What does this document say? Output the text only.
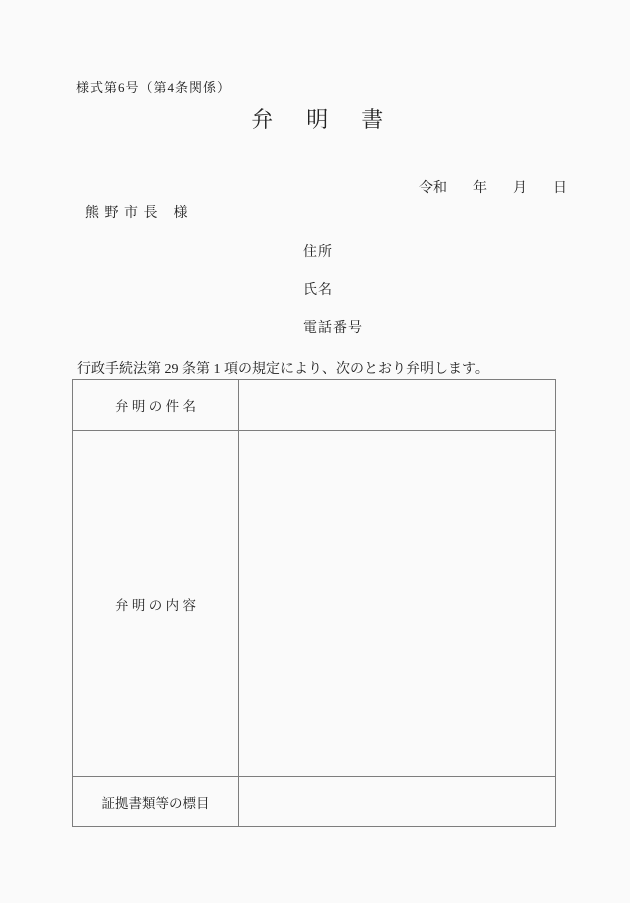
様式第6号（第4条関係）
弁　明　書

令和 年 月 日

熊 野 市 長　様
住所
氏名
電話番号
行政手続法第 29 条第 1 項の規定により、次のとおり弁明します。
弁 明 の 件 名
弁 明 の 内 容
証拠書類等の標目
